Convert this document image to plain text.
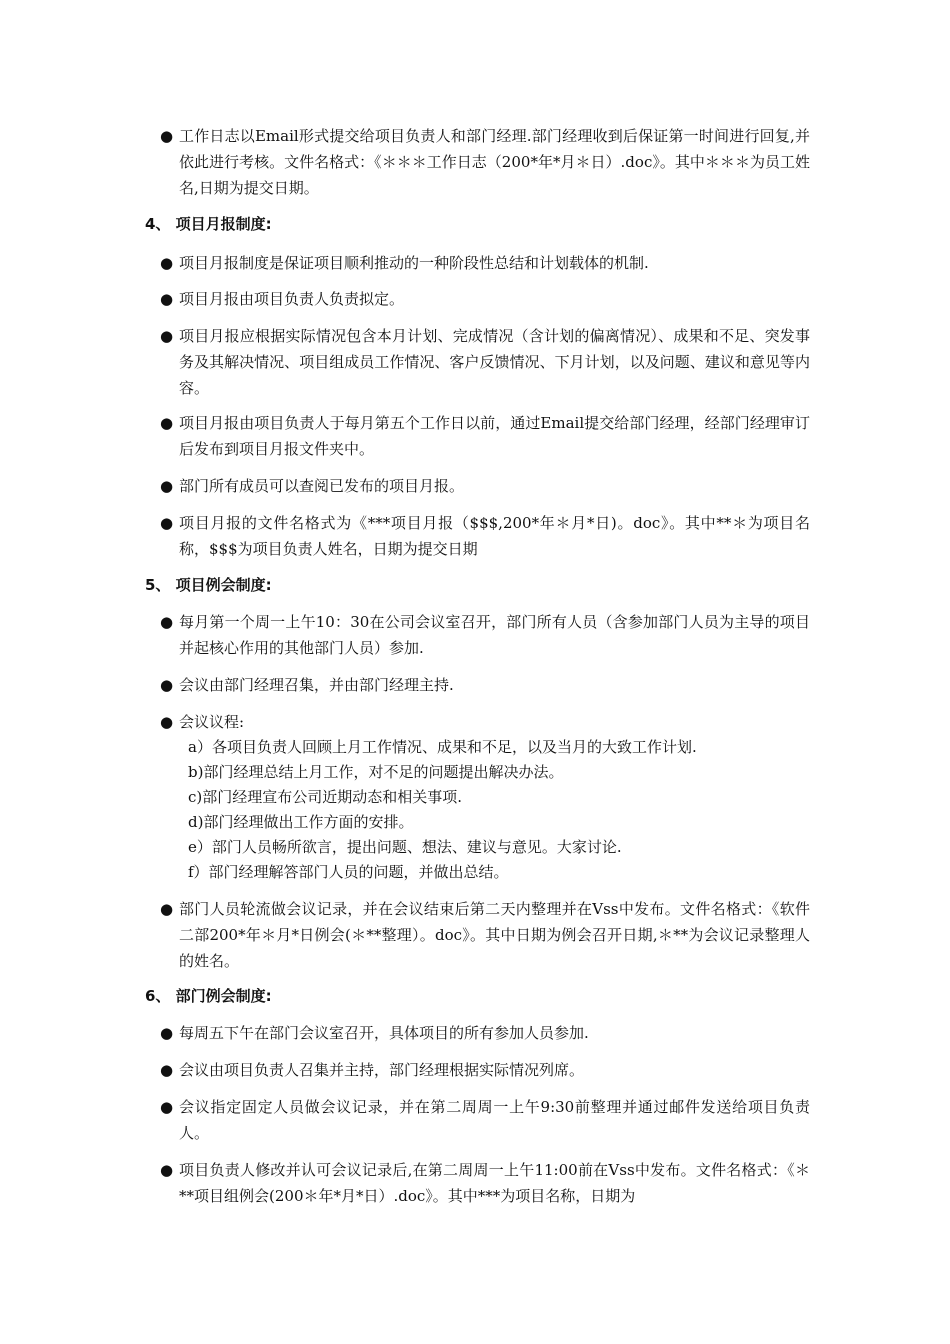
● 工作日志以Email形式提交给项目负责人和部门经理.部门经理收到后保证第一时间进行回复,并依此进行考核。文件名格式：《＊＊＊工作日志（200*年*月＊日）.doc》。其中＊＊＊为员工姓名,日期为提交日期。
4、 项目月报制度:
● 项目月报制度是保证项目顺利推动的一种阶段性总结和计划载体的机制.
● 项目月报由项目负责人负责拟定。
● 项目月报应根据实际情况包含本月计划、完成情况（含计划的偏离情况）、成果和不足、突发事务及其解决情况、项目组成员工作情况、客户反馈情况、下月计划，以及问题、建议和意见等内容。
● 项目月报由项目负责人于每月第五个工作日以前，通过Email提交给部门经理，经部门经理审订后发布到项目月报文件夹中。
● 部门所有成员可以查阅已发布的项目月报。
● 项目月报的文件名格式为《***项目月报（$$$,200*年＊月*日)。doc》。其中**＊为项目名称，$$$为项目负责人姓名，日期为提交日期
5、 项目例会制度:
● 每月第一个周一上午10：30在公司会议室召开，部门所有人员（含参加部门人员为主导的项目并起核心作用的其他部门人员）参加.
● 会议由部门经理召集，并由部门经理主持.
● 会议议程:
a）各项目负责人回顾上月工作情况、成果和不足，以及当月的大致工作计划.
b)部门经理总结上月工作，对不足的问题提出解决办法。
c)部门经理宣布公司近期动态和相关事项.
d)部门经理做出工作方面的安排。
e）部门人员畅所欲言，提出问题、想法、建议与意见。大家讨论.
f）部门经理解答部门人员的问题，并做出总结。
● 部门人员轮流做会议记录，并在会议结束后第二天内整理并在Vss中发布。文件名格式：《软件二部200*年＊月*日例会(＊**整理）。doc》。其中日期为例会召开日期,＊**为会议记录整理人的姓名。
6、 部门例会制度:
● 每周五下午在部门会议室召开，具体项目的所有参加人员参加.
● 会议由项目负责人召集并主持，部门经理根据实际情况列席。
● 会议指定固定人员做会议记录，并在第二周周一上午9:30前整理并通过邮件发送给项目负责人。
● 项目负责人修改并认可会议记录后,在第二周周一上午11:00前在Vss中发布。文件名格式：《＊**项目组例会(200＊年*月*日）.doc》。其中***为项目名称，日期为
